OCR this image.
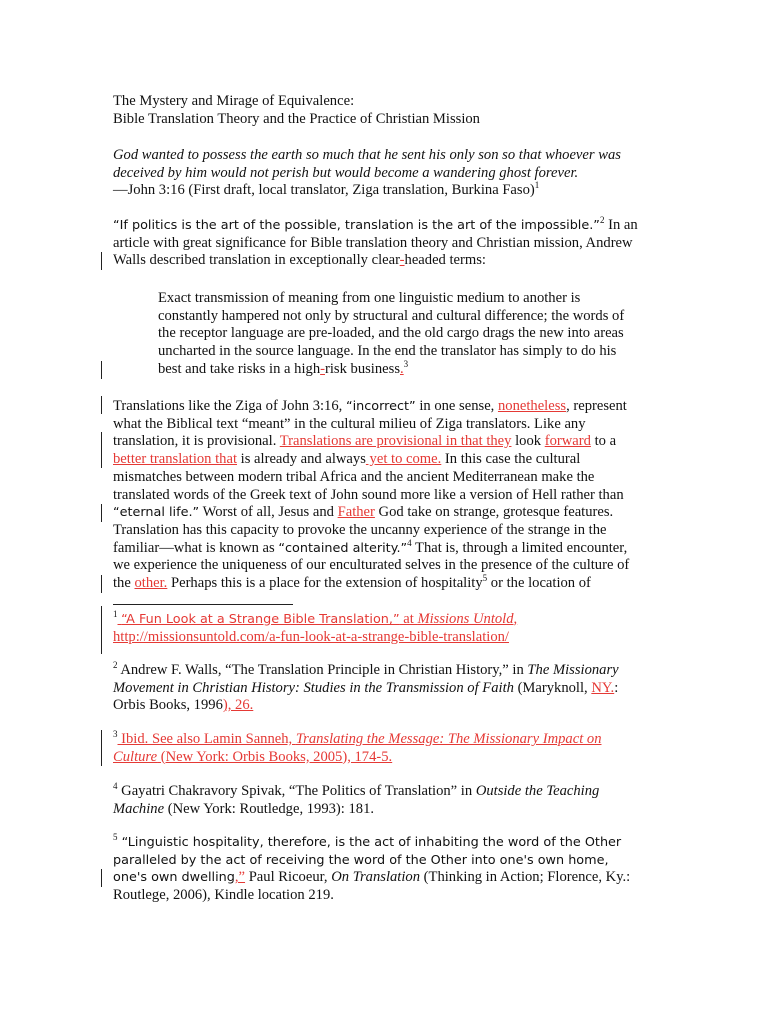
The Mystery and Mirage of Equivalence:
Bible Translation Theory and the Practice of Christian Mission

God wanted to possess the earth so much that he sent his only son so that whoever was deceived by him would not perish but would become a wandering ghost forever.
—John 3:16 (First draft, local translator, Ziga translation, Burkina Faso)$^1$

“If politics is the art of the possible, translation is the art of the impossible.”$^2$ In an article with great significance for Bible translation theory and Christian mission, Andrew Walls described translation in exceptionally clear-headed terms:

Exact transmission of meaning from one linguistic medium to another is constantly hampered not only by structural and cultural difference; the words of the receptor language are pre-loaded, and the old cargo drags the new into areas uncharted in the source language. In the end the translator has simply to do his best and take risks in a high-risk business.$^3$

Translations like the Ziga of John 3:16, “incorrect” in one sense, nonetheless, represent what the Biblical text “meant” in the cultural milieu of Ziga translators. Like any translation, it is provisional. Translations are provisional in that they look forward to a better translation that is already and always yet to come. In this case the cultural mismatches between modern tribal Africa and the ancient Mediterranean make the translated words of the Greek text of John sound more like a version of Hell rather than “eternal life.” Worst of all, Jesus and Father God take on strange, grotesque features. Translation has this capacity to provoke the uncanny experience of the strange in the familiar—what is known as “contained alterity.”$^4$ That is, through a limited encounter, we experience the uniqueness of our enculturated selves in the presence of the culture of the other. Perhaps this is a place for the extension of hospitality$^5$ or the location of

$^1$ “A Fun Look at a Strange Bible Translation,” at Missions Untold,
http://missionsuntold.com/a-fun-look-at-a-strange-bible-translation/

$^2$ Andrew F. Walls, “The Translation Principle in Christian History,” in The Missionary Movement in Christian History: Studies in the Transmission of Faith (Maryknoll, NY.: Orbis Books, 1996), 26.

$^3$ Ibid. See also Lamin Sanneh, Translating the Message: The Missionary Impact on Culture (New York: Orbis Books, 2005), 174-5.

$^4$ Gayatri Chakravory Spivak, “The Politics of Translation” in Outside the Teaching Machine (New York: Routledge, 1993): 181.

$^5$ “Linguistic hospitality, therefore, is the act of inhabiting the word of the Other paralleled by the act of receiving the word of the Other into one's own home, one's own dwelling,” Paul Ricoeur, On Translation (Thinking in Action; Florence, Ky.: Routlege, 2006), Kindle location 219.
